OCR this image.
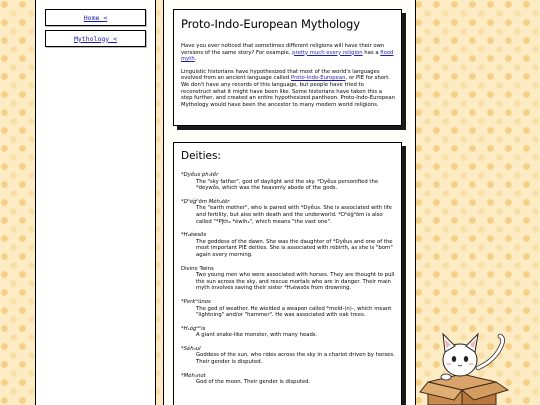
Home <
Mythology <
Proto-Indo-European Mythology

Have you ever noticed that sometimes different religions will have their own versions of the same story? For example, pretty much every religion has a flood myth.

Linguistic historians have hypothesized that most of the world's languages evolved from an ancient language called Proto-Indo-European, or PIE for short. We don't have any records of this language, but people have tried to reconstruct what it might have been like. Some historians have taken this a step further, and created an entire hypothesized pantheon. Proto-Indo-European Mythology would have been the ancestor to many modern world religions.

Deities:
*Dyḗus ph₂tḗr
The "sky father", god of daylight and the sky. *Dyḗus personified the *deywṓs, which was the heavenly abode of the gods.
*Dʰéǵʰōm Méh₂tēr
The "earth mother", who is paired with *Dyḗus. She is associated with life and fertility, but also with death and the underworld. *Dʰéǵʰōm is also called "*Pl̥th₂ *éwih₂", which means "the vast one".
*H₂éwsōs
The goddess of the dawn. She was the daughter of *Dyḗus and one of the most important PIE deities. She is associated with rebirth, as she is "born" again every morning.
Divine Twins
Two young men who were associated with horses. They are thought to pull the sun across the sky, and rescue mortals who are in danger. Their main myth involves saving their sister *H₂éwsōs from drowning.
*Perkʷūnos
The god of weather. He wielded a weapon called *meld-(n)-, which meant "lightning" and/or "hammer". He was associated with oak trees.
*H₁ógʷʰis
A giant snake-like monster, with many heads.
*Séh₂ul
Goddess of the sun, who rides across the sky in a chariot driven by horses. Their gender is disputed.
*Méh₁not
God of the moon. Their gender is disputed.
